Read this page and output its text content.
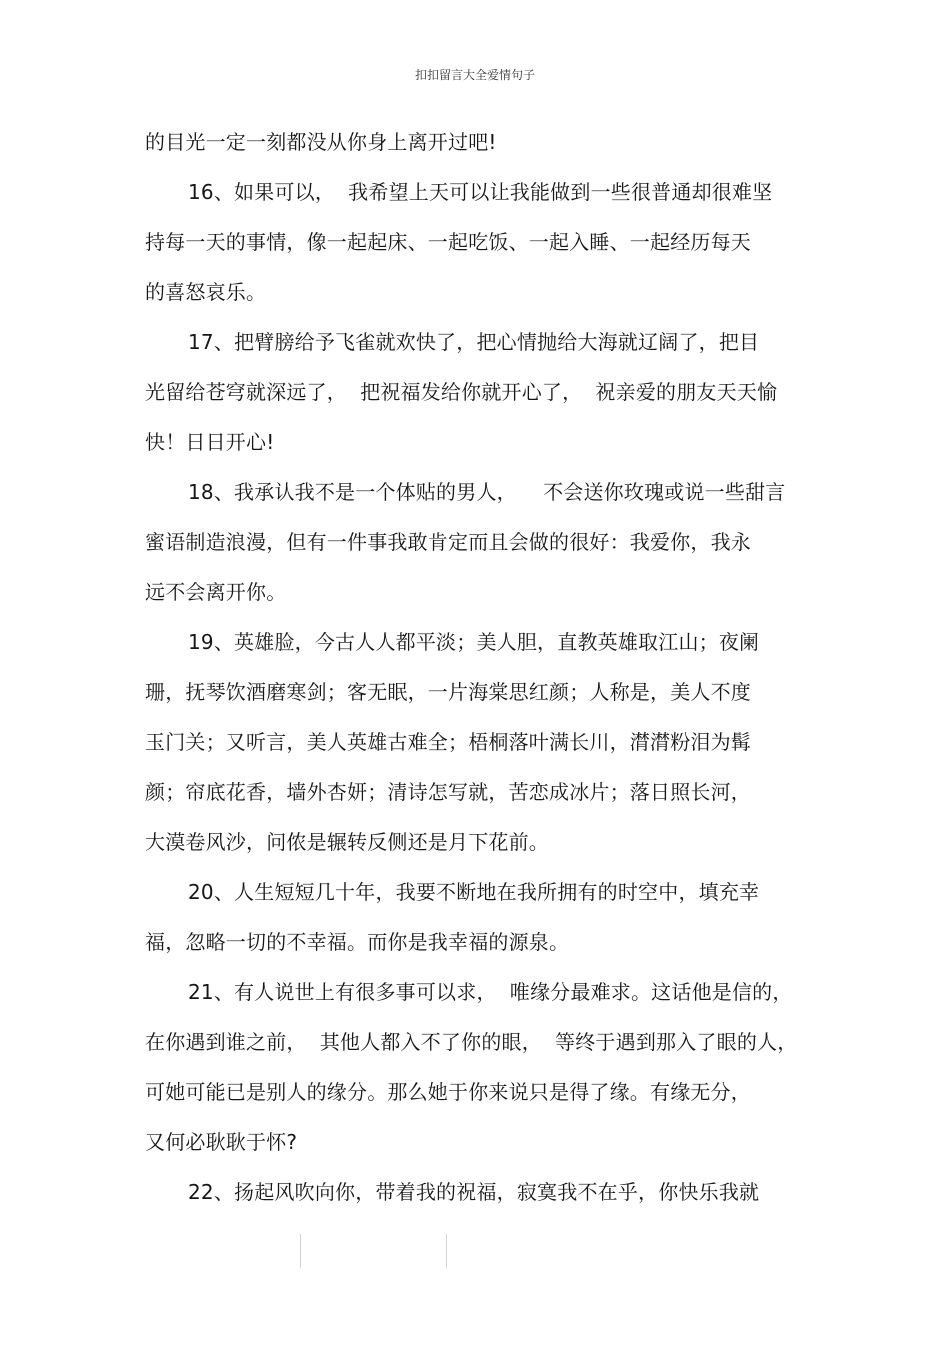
扣扣留言大全爱情句子
的目光一定一刻都没从你身上离开过吧!
16、如果可以，  我希望上天可以让我能做到一些很普通却很难坚
持每一天的事情，像一起起床、一起吃饭、一起入睡、一起经历每天
的喜怒哀乐。
17、把臂膀给予飞雀就欢快了，把心情抛给大海就辽阔了，把目
光留给苍穹就深远了，  把祝福发给你就开心了，  祝亲爱的朋友天天愉
快！日日开心!
18、我承认我不是一个体贴的男人，    不会送你玫瑰或说一些甜言
蜜语制造浪漫，但有一件事我敢肯定而且会做的很好：我爱你，我永
远不会离开你。
19、英雄脸，今古人人都平淡；美人胆，直教英雄取江山；夜阑
珊，抚琴饮酒磨寒剑；客无眠，一片海棠思红颜；人称是，美人不度
玉门关；又听言，美人英雄古难全；梧桐落叶满长川，潸潸粉泪为髯
颜；帘底花香，墙外杏妍；清诗怎写就，苦恋成冰片；落日照长河，
大漠卷风沙，问侬是辗转反侧还是月下花前。
20、人生短短几十年，我要不断地在我所拥有的时空中，填充幸
福，忽略一切的不幸福。而你是我幸福的源泉。
21、有人说世上有很多事可以求，  唯缘分最难求。这话他是信的，
在你遇到谁之前，  其他人都入不了你的眼，  等终于遇到那入了眼的人，
可她可能已是别人的缘分。那么她于你来说只是得了缘。有缘无分，
又何必耿耿于怀?
22、扬起风吹向你，带着我的祝福，寂寞我不在乎，你快乐我就
